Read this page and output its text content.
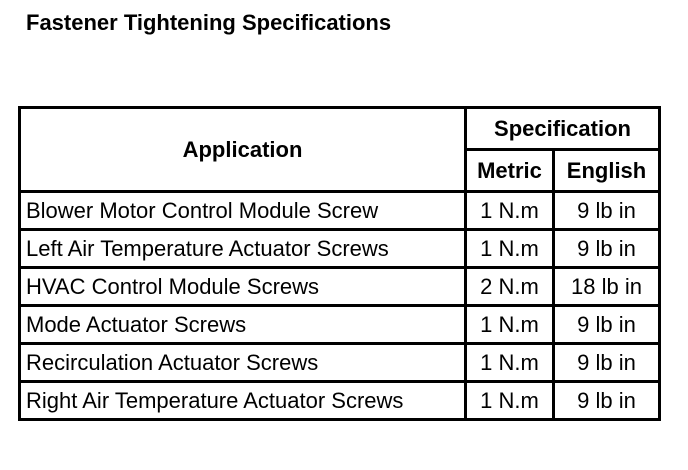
Fastener Tightening Specifications
Application	Specification	
	Metric	English
Blower Motor Control Module Screw	1 N.m	9 lb in
Left Air Temperature Actuator Screws	1 N.m	9 lb in
HVAC Control Module Screws	2 N.m	18 lb in
Mode Actuator Screws	1 N.m	9 lb in
Recirculation Actuator Screws	1 N.m	9 lb in
Right Air Temperature Actuator Screws	1 N.m	9 lb in
